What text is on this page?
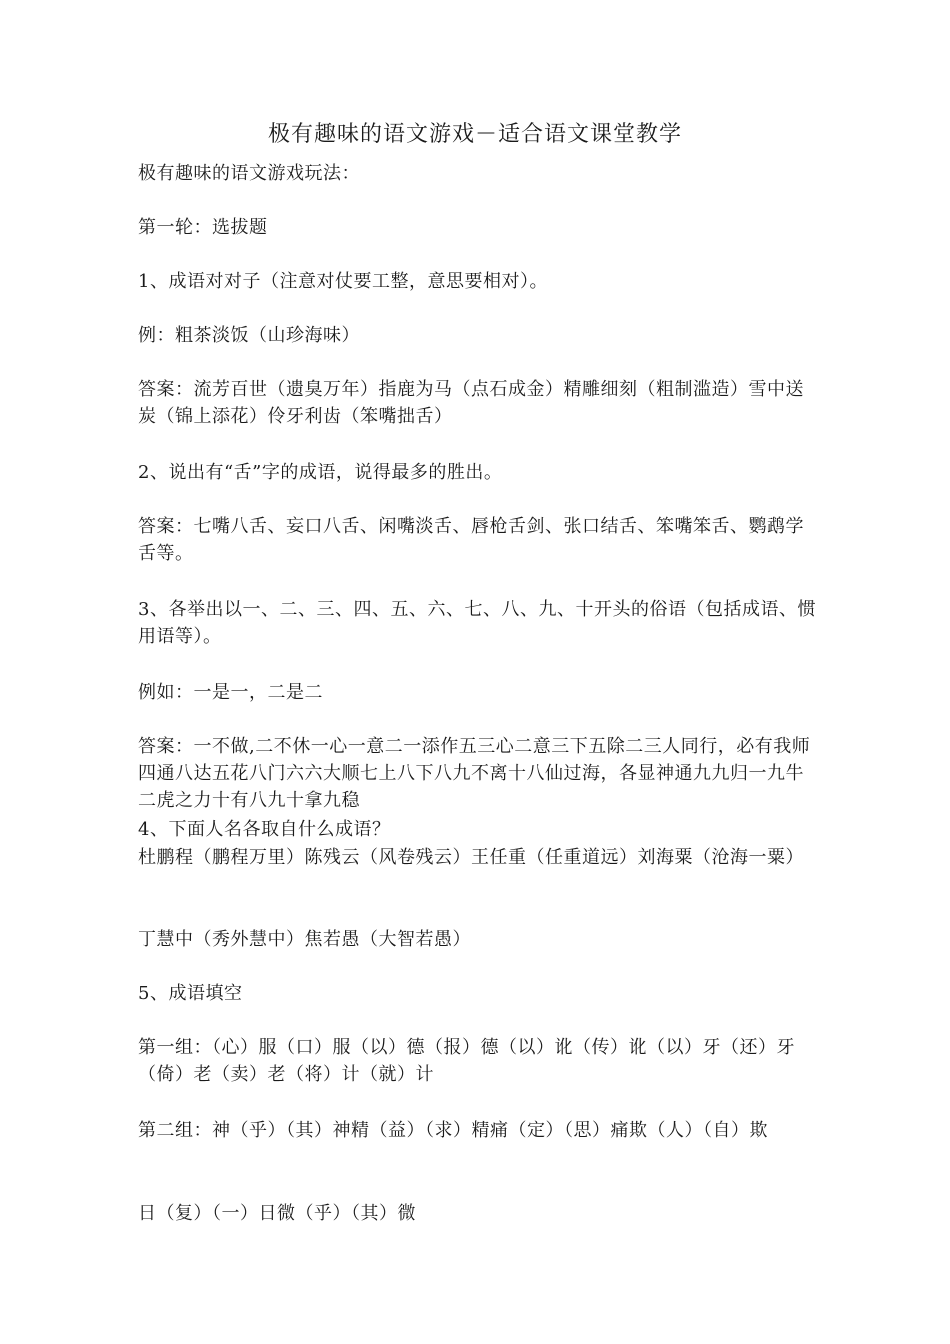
极有趣味的语文游戏－适合语文课堂教学

极有趣味的语文游戏玩法：

第一轮：选拔题

1、成语对对子（注意对仗要工整，意思要相对）。

例：粗茶淡饭（山珍海味）

答案：流芳百世（遗臭万年）指鹿为马（点石成金）精雕细刻（粗制滥造）雪中送炭（锦上添花）伶牙利齿（笨嘴拙舌）

2、说出有“舌”字的成语，说得最多的胜出。

答案：七嘴八舌、妄口八舌、闲嘴淡舌、唇枪舌剑、张口结舌、笨嘴笨舌、鹦鹉学舌等。

3、各举出以一、二、三、四、五、六、七、八、九、十开头的俗语（包括成语、惯用语等）。

例如：一是一，二是二

答案：一不做,二不休一心一意二一添作五三心二意三下五除二三人同行，必有我师四通八达五花八门六六大顺七上八下八九不离十八仙过海，各显神通九九归一九牛二虎之力十有八九十拿九稳

4、下面人名各取自什么成语？

杜鹏程（鹏程万里）陈残云（风卷残云）王任重（任重道远）刘海粟（沧海一粟）

丁慧中（秀外慧中）焦若愚（大智若愚）

5、成语填空

第一组：（心）服（口）服（以）德（报）德（以）讹（传）讹（以）牙（还）牙（倚）老（卖）老（将）计（就）计

第二组：神（乎）（其）神精（益）（求）精痛（定）（思）痛欺（人）（自）欺

日（复）（一）日微（乎）（其）微
